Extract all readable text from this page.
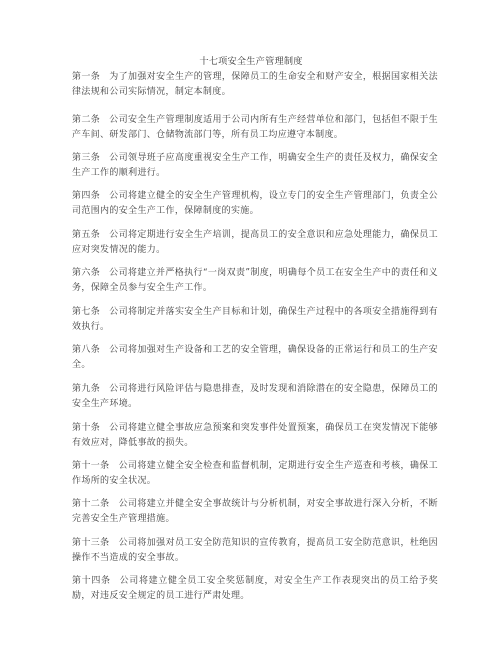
十七项安全生产管理制度

第一条 为了加强对安全生产的管理，保障员工的生命安全和财产安全，根据国家相关法律法规和公司实际情况，制定本制度。

第二条 公司安全生产管理制度适用于公司内所有生产经营单位和部门，包括但不限于生产车间、研发部门、仓储物流部门等，所有员工均应遵守本制度。

第三条 公司领导班子应高度重视安全生产工作，明确安全生产的责任及权力，确保安全生产工作的顺利进行。

第四条 公司将建立健全的安全生产管理机构，设立专门的安全生产管理部门，负责全公司范围内的安全生产工作，保障制度的实施。

第五条 公司将定期进行安全生产培训，提高员工的安全意识和应急处理能力，确保员工应对突发情况的能力。

第六条 公司将建立并严格执行“一岗双责”制度，明确每个员工在安全生产中的责任和义务，保障全员参与安全生产工作。

第七条 公司将制定并落实安全生产目标和计划，确保生产过程中的各项安全措施得到有效执行。

第八条 公司将加强对生产设备和工艺的安全管理，确保设备的正常运行和员工的生产安全。

第九条 公司将进行风险评估与隐患排查，及时发现和消除潜在的安全隐患，保障员工的安全生产环境。

第十条 公司将建立健全事故应急预案和突发事件处置预案，确保员工在突发情况下能够有效应对，降低事故的损失。

第十一条 公司将建立健全安全检查和监督机制，定期进行安全生产巡查和考核，确保工作场所的安全状况。

第十二条 公司将建立并健全安全事故统计与分析机制，对安全事故进行深入分析，不断完善安全生产管理措施。

第十三条 公司将加强对员工安全防范知识的宣传教育，提高员工安全防范意识，杜绝因操作不当造成的安全事故。

第十四条 公司将建立健全员工安全奖惩制度，对安全生产工作表现突出的员工给予奖励，对违反安全规定的员工进行严肃处理。
